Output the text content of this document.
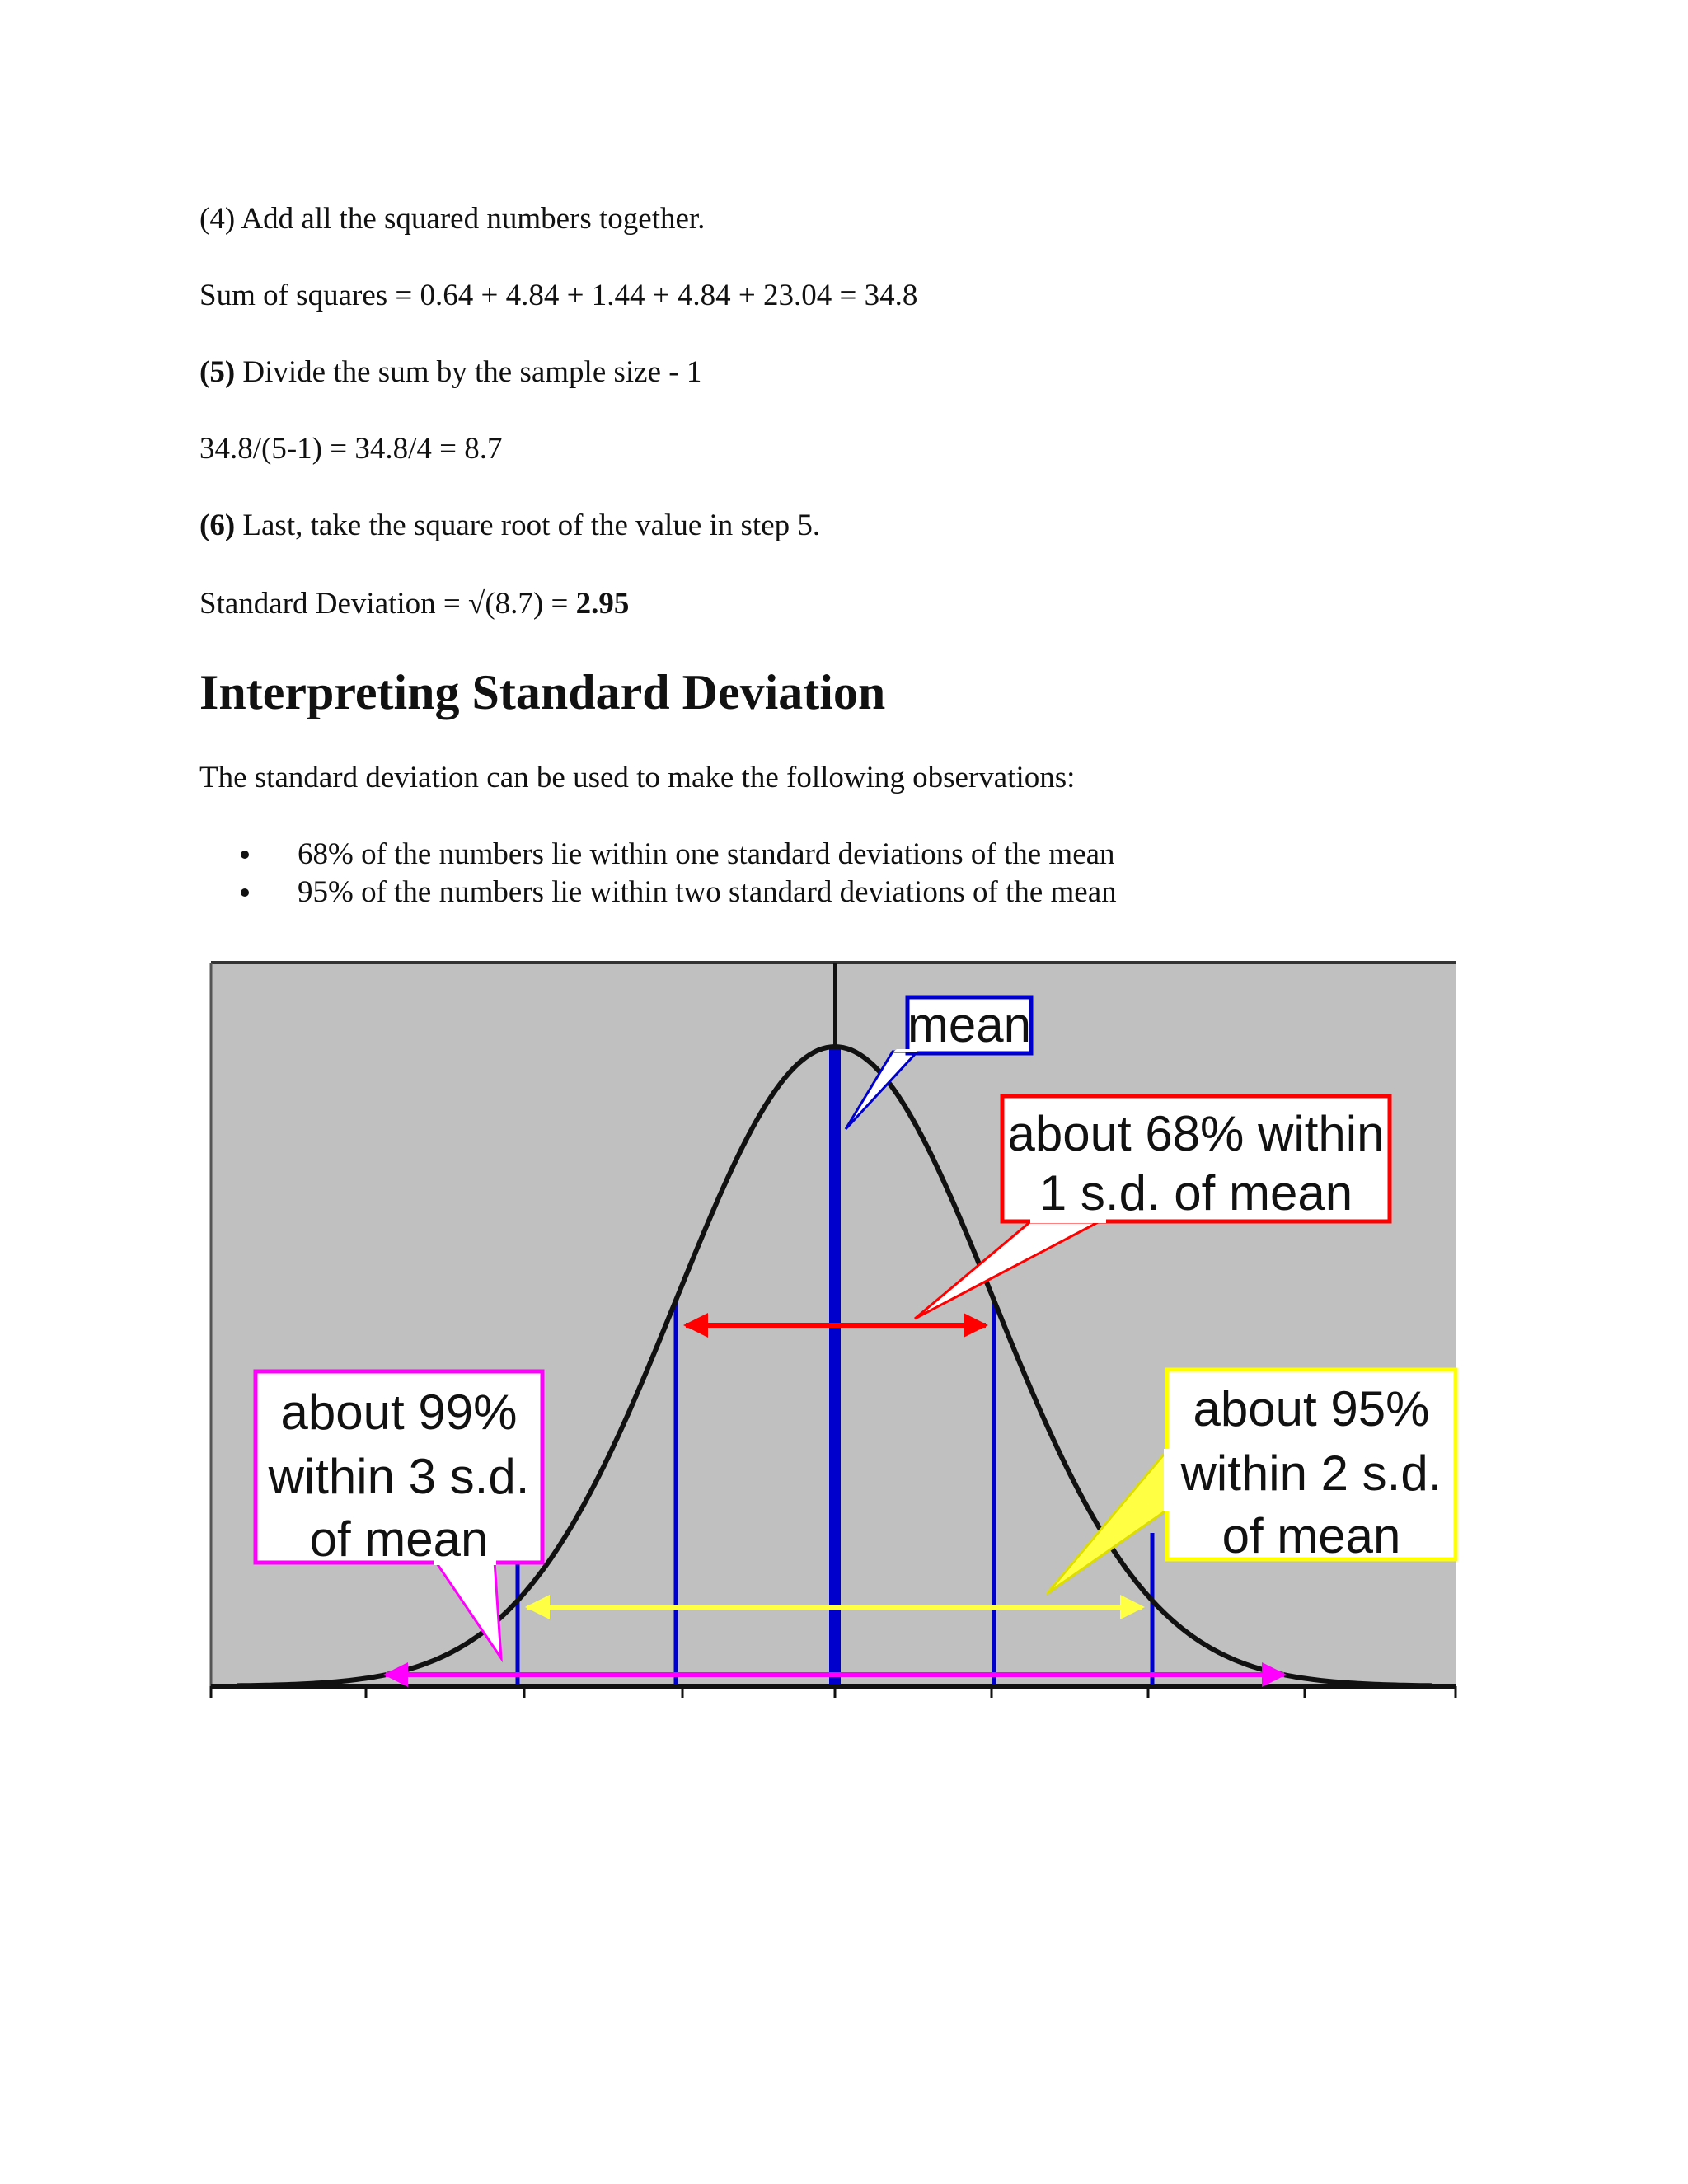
(4) Add all the squared numbers together.
Sum of squares = 0.64 + 4.84 + 1.44 + 4.84 + 23.04 = 34.8
(5) Divide the sum by the sample size - 1
34.8/(5-1) = 34.8/4 = 8.7
(6) Last, take the square root of the value in step 5.
Standard Deviation = √(8.7) = 2.95
Interpreting Standard Deviation
The standard deviation can be used to make the following observations:
68% of the numbers lie within one standard deviations of the mean
95% of the numbers lie within two standard deviations of the mean
mean
about 68% within
1 s.d. of mean
about 99%
within 3 s.d.
of mean
about 95%
within 2 s.d.
of mean
